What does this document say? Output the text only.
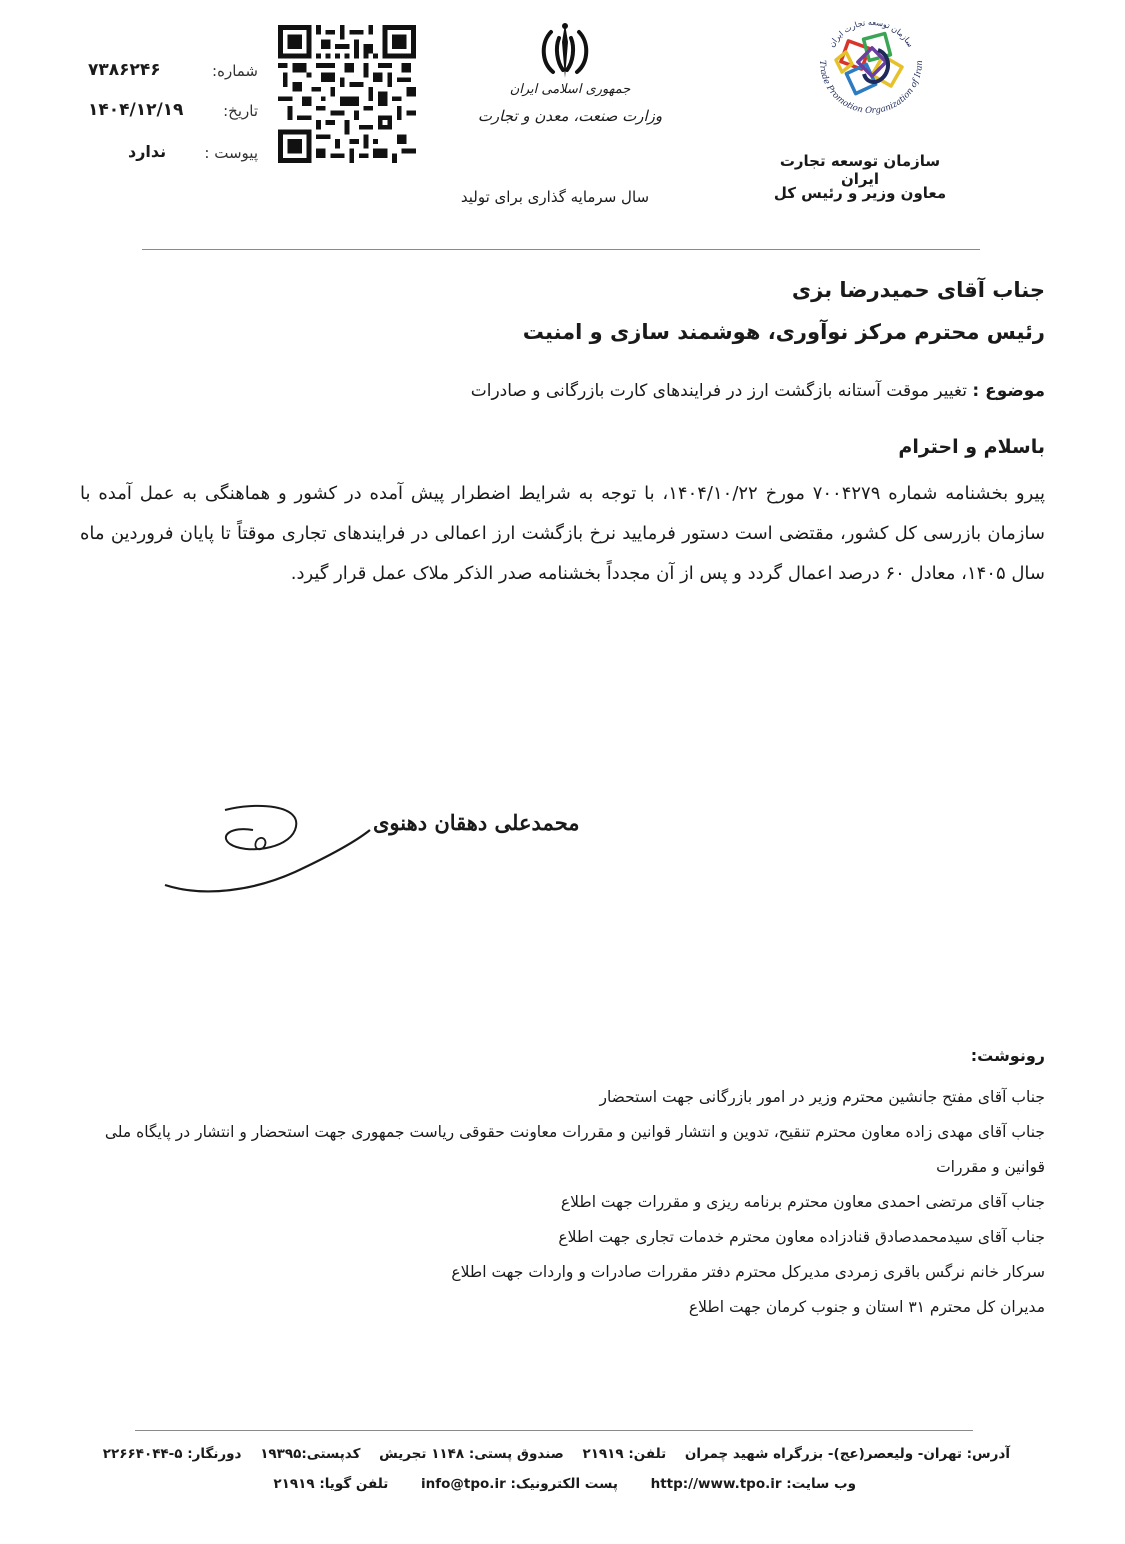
شماره:
۷۳۸۶۲۴۶
تاریخ:
۱۴۰۴/۱۲/۱۹
پیوست :
ندارد
جمهوری اسلامی ایران
وزارت صنعت، معدن و تجارت
سال سرمایه گذاری برای تولید
سازمان توسعه تجارت ایران
Trade Promotion Organization of Iran
سازمان توسعه تجارت ایران
معاون وزیر و رئیس کل
جناب آقای حمیدرضا بزی
رئیس محترم مرکز نوآوری، هوشمند سازی و امنیت
موضوع : تغییر موقت آستانه بازگشت ارز در فرایندهای کارت بازرگانی و صادرات
باسلام و احترام
پیرو بخشنامه شماره ۷۰۰۴۲۷۹ مورخ ۱۴۰۴/۱۰/۲۲، با توجه به شرایط اضطرار پیش آمده در کشور و هماهنگی به عمل آمده با سازمان بازرسی کل کشور، مقتضی است دستور فرمایید نرخ بازگشت ارز اعمالی در فرایندهای تجاری موقتاً تا پایان فروردین ماه سال ۱۴۰۵، معادل ۶۰ درصد اعمال گردد و پس از آن مجدداً بخشنامه صدر الذکر ملاک عمل قرار گیرد.
محمدعلی دهقان دهنوی
رونوشت:
جناب آقای مفتح جانشین محترم وزیر در امور بازرگانی جهت استحضار
جناب آقای مهدی زاده معاون محترم تنقیح، تدوین و انتشار قوانین و مقررات معاونت حقوقی ریاست جمهوری جهت استحضار و انتشار در پایگاه ملی قوانین و مقررات
جناب آقای مرتضی احمدی معاون محترم برنامه ریزی و مقررات جهت اطلاع
جناب آقای سیدمحمدصادق قنادزاده معاون محترم خدمات تجاری جهت اطلاع
سرکار خانم نرگس باقری زمردی مدیرکل محترم دفتر مقررات صادرات و واردات جهت اطلاع
مدیران کل محترم ۳۱ استان و جنوب کرمان جهت اطلاع
آدرس: تهران- ولیعصر(عج)- بزرگراه شهید چمران تلفن: ۲۱۹۱۹ صندوق پستی: ۱۱۴۸ تجریش کدپستی:۱۹۳۹۵ دورنگار: ۵-۲۲۶۶۴۰۴۴
وب سایت: http://www.tpo.ir پست الکترونیک: info@tpo.ir تلفن گویا: ۲۱۹۱۹
